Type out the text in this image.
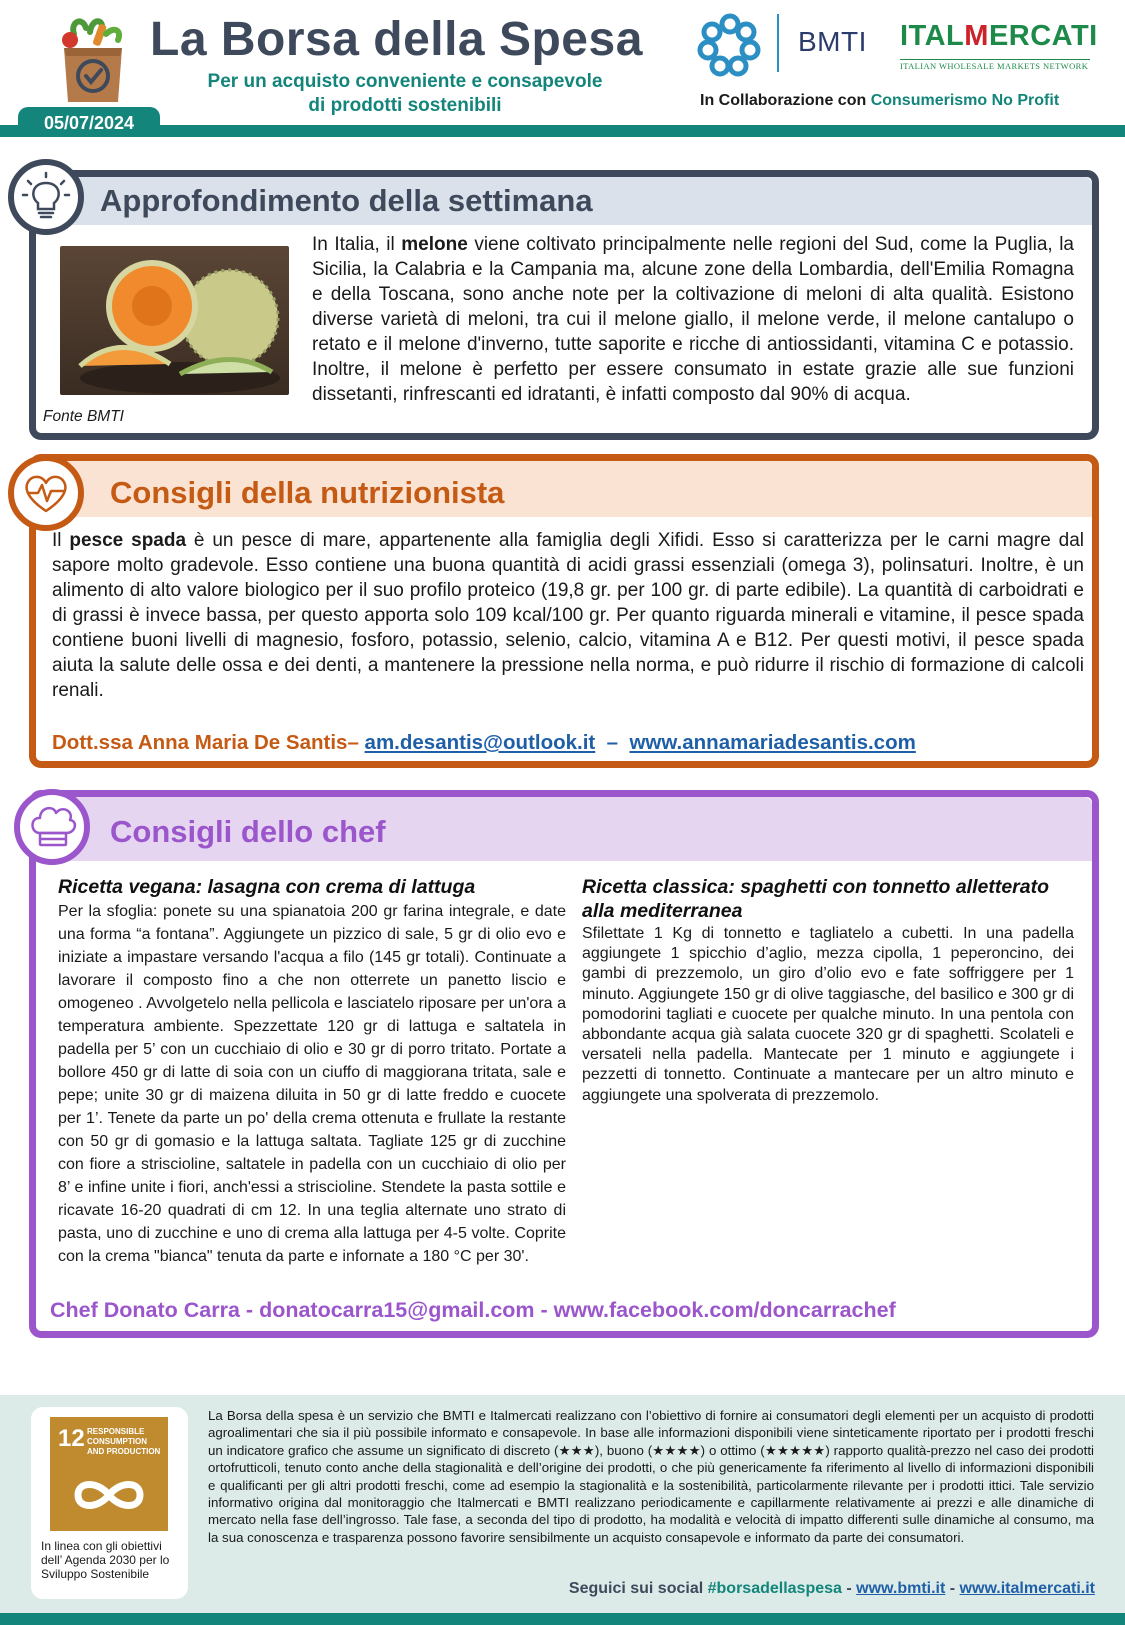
La Borsa della Spesa
Per un acquisto conveniente e consapevole
di prodotti sostenibili
BMTI ITALMERCATI
ITALIAN WHOLESALE MARKETS NETWORK
In Collaborazione con Consumerismo No Profit
05/07/2024
Approfondimento della settimana
Fonte BMTI
In Italia, il melone viene coltivato principalmente nelle regioni del Sud, come la Puglia, la Sicilia, la Calabria e la Campania ma, alcune zone della Lombardia, dell'Emilia Romagna e della Toscana, sono anche note per la coltivazione di meloni di alta qualità. Esistono diverse varietà di meloni, tra cui il melone giallo, il melone verde, il melone cantalupo o retato e il melone d'inverno, tutte saporite e ricche di antiossidanti, vitamina C e potassio. Inoltre, il melone è perfetto per essere consumato in estate grazie alle sue funzioni dissetanti, rinfrescanti ed idratanti, è infatti composto dal 90% di acqua.
Consigli della nutrizionista
Il pesce spada è un pesce di mare, appartenente alla famiglia degli Xifidi. Esso si caratterizza per le carni magre dal sapore molto gradevole. Esso contiene una buona quantità di acidi grassi essenziali (omega 3), polinsaturi. Inoltre, è un alimento di alto valore biologico per il suo profilo proteico (19,8 gr. per 100 gr. di parte edibile). La quantità di carboidrati e di grassi è invece bassa, per questo apporta solo 109 kcal/100 gr. Per quanto riguarda minerali e vitamine, il pesce spada contiene buoni livelli di magnesio, fosforo, potassio, selenio, calcio, vitamina A e B12. Per questi motivi, il pesce spada aiuta la salute delle ossa e dei denti, a mantenere la pressione nella norma, e può ridurre il rischio di formazione di calcoli renali.
Dott.ssa Anna Maria De Santis– am.desantis@outlook.it – www.annamariadesantis.com
Consigli dello chef
Ricetta vegana: lasagna con crema di lattuga
Per la sfoglia: ponete su una spianatoia 200 gr farina integrale, e date una forma “a fontana”. Aggiungete un pizzico di sale, 5 gr di olio evo e iniziate a impastare versando l'acqua a filo (145 gr totali). Continuate a lavorare il composto fino a che non otterrete un panetto liscio e omogeneo . Avvolgetelo nella pellicola e lasciatelo riposare per un'ora a temperatura ambiente. Spezzettate 120 gr di lattuga e saltatela in padella per 5’ con un cucchiaio di olio e 30 gr di porro tritato. Portate a bollore 450 gr di latte di soia con un ciuffo di maggiorana tritata, sale e pepe; unite 30 gr di maizena diluita in 50 gr di latte freddo e cuocete per 1’. Tenete da parte un po' della crema ottenuta e frullate la restante con 50 gr di gomasio e la lattuga saltata. Tagliate 125 gr di zucchine con fiore a striscioline, saltatele in padella con un cucchiaio di olio per 8’ e infine unite i fiori, anch'essi a striscioline. Stendete la pasta sottile e ricavate 16-20 quadrati di cm 12. In una teglia alternate uno strato di pasta, uno di zucchine e uno di crema alla lattuga per 4-5 volte. Coprite con la crema "bianca" tenuta da parte e infornate a 180 °C per 30'.
Ricetta classica: spaghetti con tonnetto alletterato alla mediterranea
Sfilettate 1 Kg di tonnetto e tagliatelo a cubetti. In una padella aggiungete 1 spicchio d’aglio, mezza cipolla, 1 peperoncino, dei gambi di prezzemolo, un giro d’olio evo e fate soffriggere per 1 minuto. Aggiungete 150 gr di olive taggiasche, del basilico e 300 gr di pomodorini tagliati e cuocete per qualche minuto. In una pentola con abbondante acqua già salata cuocete 320 gr di spaghetti. Scolateli e versateli nella padella. Mantecate per 1 minuto e aggiungete i pezzetti di tonnetto. Continuate a mantecare per un altro minuto e aggiungete una spolverata di prezzemolo.
Chef Donato Carra - donatocarra15@gmail.com - www.facebook.com/doncarrachef
12 RESPONSIBLE CONSUMPTION AND PRODUCTION
In linea con gli obiettivi dell’ Agenda 2030 per lo Sviluppo Sostenibile
La Borsa della spesa è un servizio che BMTI e Italmercati realizzano con l’obiettivo di fornire ai consumatori degli elementi per un acquisto di prodotti agroalimentari che sia il più possibile informato e consapevole. In base alle informazioni disponibili viene sinteticamente riportato per i prodotti freschi un indicatore grafico che assume un significato di discreto (★★★), buono (★★★★) o ottimo (★★★★★) rapporto qualità-prezzo nel caso dei prodotti ortofrutticoli, tenuto conto anche della stagionalità e dell’origine dei prodotti, o che più genericamente fa riferimento al livello di informazioni disponibili e qualificanti per gli altri prodotti freschi, come ad esempio la stagionalità e la sostenibilità, particolarmente rilevante per i prodotti ittici. Tale servizio informativo origina dal monitoraggio che Italmercati e BMTI realizzano periodicamente e capillarmente relativamente ai prezzi e alle dinamiche di mercato nella fase dell’ingrosso. Tale fase, a seconda del tipo di prodotto, ha modalità e velocità di impatto differenti sulle dinamiche al consumo, ma la sua conoscenza e trasparenza possono favorire sensibilmente un acquisto consapevole e informato da parte dei consumatori.
Seguici sui social #borsadellaspesa - www.bmti.it - www.italmercati.it
